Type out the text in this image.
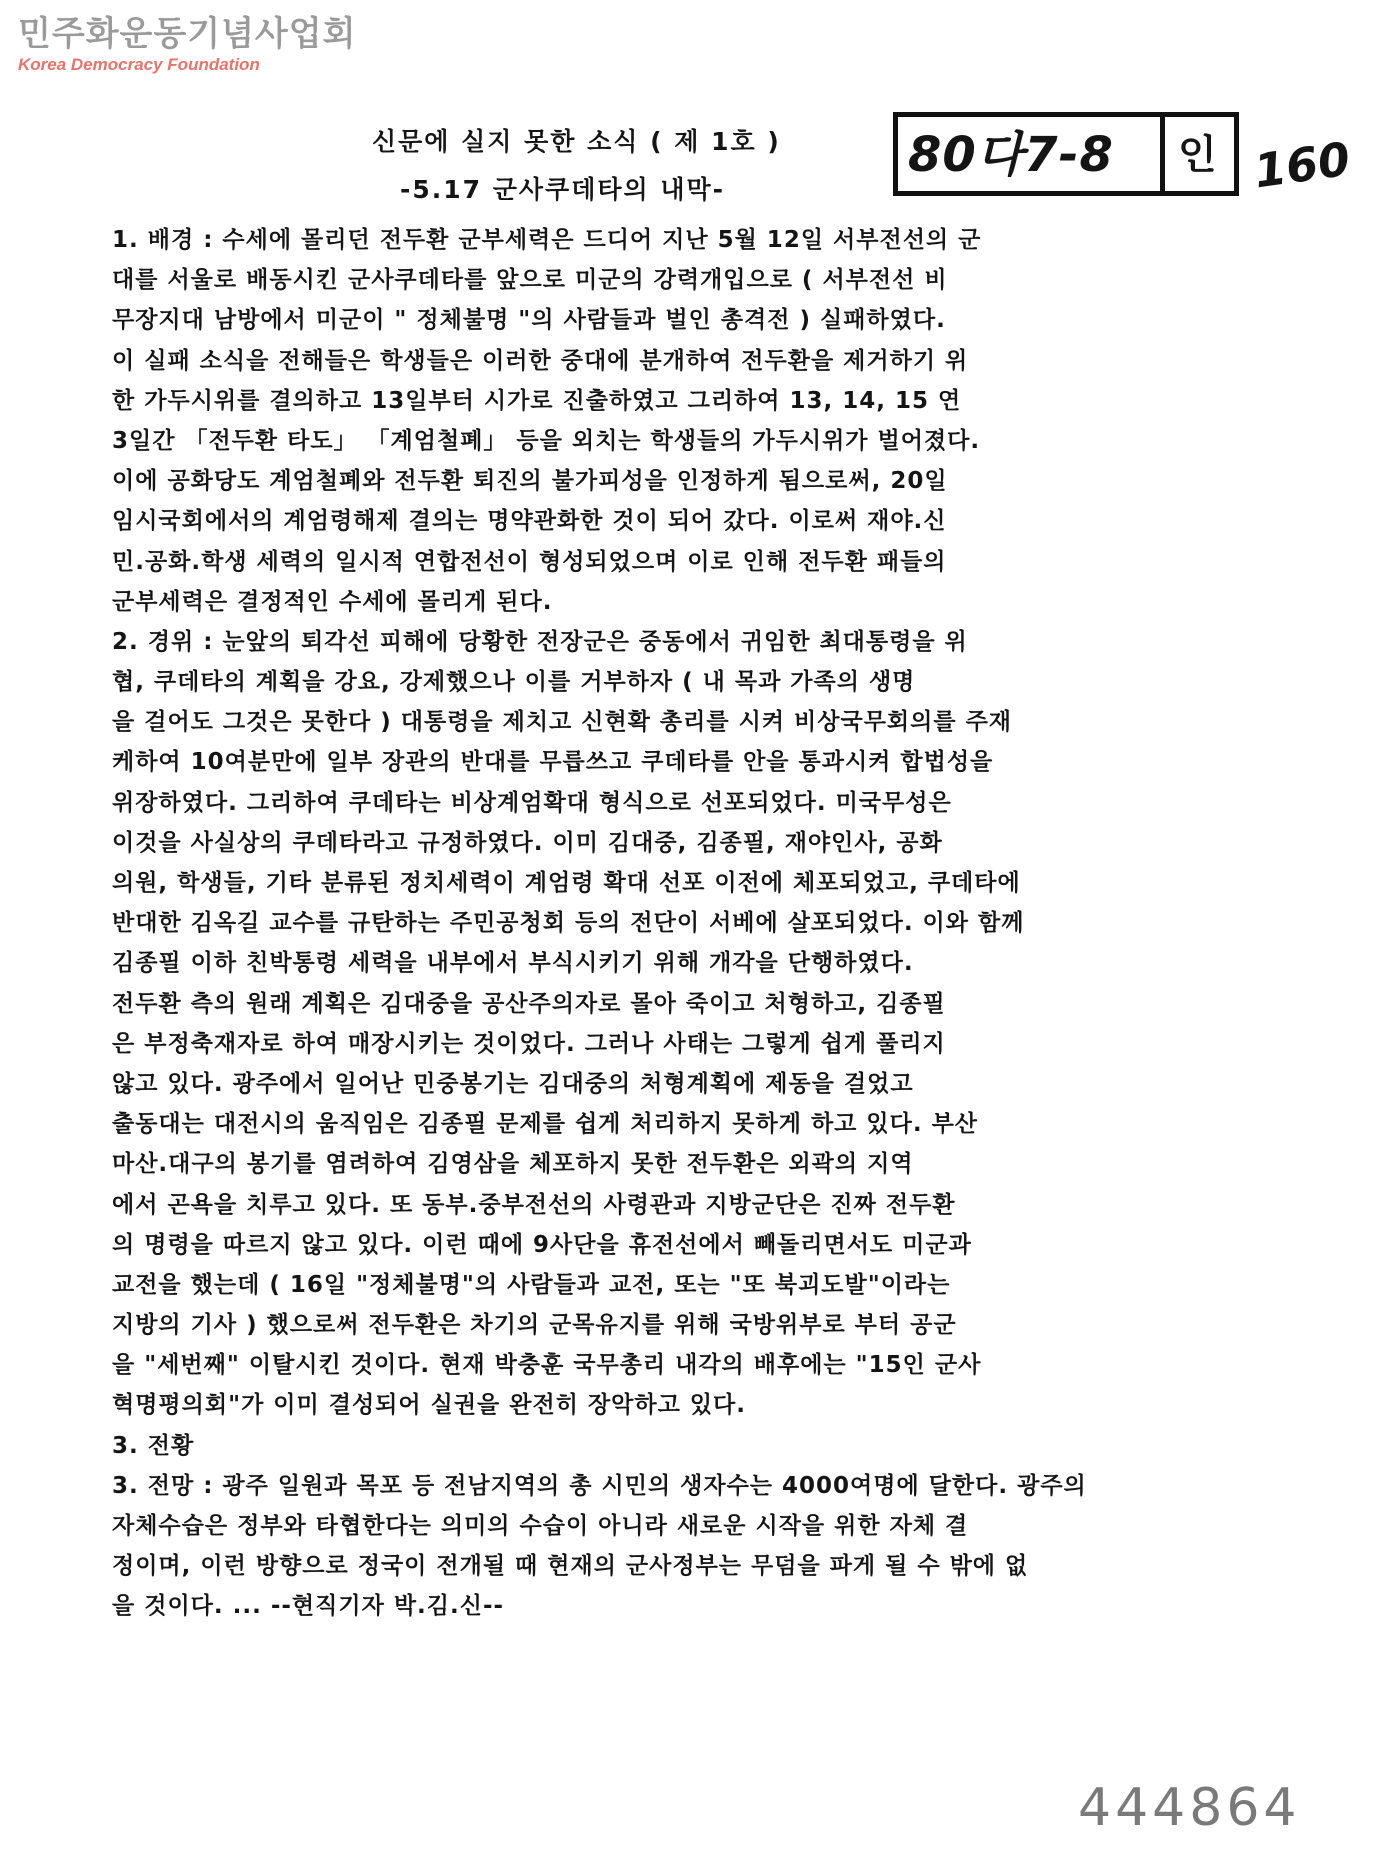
민주화운동기념사업회
Korea Democracy Foundation
신문에 실지 못한 소식 ( 제 1호 )
-5.17 군사쿠데타의 내막-
80다7-8 인 160
1. 배경 : 수세에 몰리던 전두환 군부세력은 드디어 지난 5월 12일 서부전선의 군
대를 서울로 배동시킨 군사쿠데타를 앞으로 미군의 강력개입으로 ( 서부전선 비
무장지대 남방에서 미군이 " 정체불명 "의 사람들과 벌인 총격전 ) 실패하였다.
이 실패 소식을 전해들은 학생들은 이러한 중대에 분개하여 전두환을 제거하기 위
한 가두시위를 결의하고 13일부터 시가로 진출하였고 그리하여 13, 14, 15 연
3일간 「전두환 타도」 「계엄철폐」 등을 외치는 학생들의 가두시위가 벌어졌다.
이에 공화당도 계엄철폐와 전두환 퇴진의 불가피성을 인정하게 됨으로써, 20일
임시국회에서의 계엄령해제 결의는 명약관화한 것이 되어 갔다. 이로써 재야.신
민.공화.학생 세력의 일시적 연합전선이 형성되었으며 이로 인해 전두환 패들의
군부세력은 결정적인 수세에 몰리게 된다.
2. 경위 : 눈앞의 퇴각선 피해에 당황한 전장군은 중동에서 귀임한 최대통령을 위
협, 쿠데타의 계획을 강요, 강제했으나 이를 거부하자 ( 내 목과 가족의 생명
을 걸어도 그것은 못한다 ) 대통령을 제치고 신현확 총리를 시켜 비상국무회의를 주재
케하여 10여분만에 일부 장관의 반대를 무릅쓰고 쿠데타를 안을 통과시켜 합법성을
위장하였다. 그리하여 쿠데타는 비상계엄확대 형식으로 선포되었다. 미국무성은
이것을 사실상의 쿠데타라고 규정하였다. 이미 김대중, 김종필, 재야인사, 공화
의원, 학생들, 기타 분류된 정치세력이 계엄령 확대 선포 이전에 체포되었고, 쿠데타에
반대한 김옥길 교수를 규탄하는 주민공청회 등의 전단이 서베에 살포되었다. 이와 함께
김종필 이하 친박통령 세력을 내부에서 부식시키기 위해 개각을 단행하였다.
전두환 측의 원래 계획은 김대중을 공산주의자로 몰아 죽이고 처형하고, 김종필
은 부정축재자로 하여 매장시키는 것이었다. 그러나 사태는 그렇게 쉽게 풀리지
않고 있다. 광주에서 일어난 민중봉기는 김대중의 처형계획에 제동을 걸었고
출동대는 대전시의 움직임은 김종필 문제를 쉽게 처리하지 못하게 하고 있다. 부산
마산.대구의 봉기를 염려하여 김영삼을 체포하지 못한 전두환은 외곽의 지역
에서 곤욕을 치루고 있다. 또 동부.중부전선의 사령관과 지방군단은 진짜 전두환
의 명령을 따르지 않고 있다. 이런 때에 9사단을 휴전선에서 빼돌리면서도 미군과
교전을 했는데 ( 16일 "정체불명"의 사람들과 교전, 또는 "또 북괴도발"이라는
지방의 기사 ) 했으로써 전두환은 차기의 군목유지를 위해 국방위부로 부터 공군
을 "세번째" 이탈시킨 것이다. 현재 박충훈 국무총리 내각의 배후에는 "15인 군사
혁명평의회"가 이미 결성되어 실권을 완전히 장악하고 있다.
3. 전황
3. 전망 : 광주 일원과 목포 등 전남지역의 총 시민의 생자수는 4000여명에 달한다. 광주의
자체수습은 정부와 타협한다는 의미의 수습이 아니라 새로운 시작을 위한 자체 결
정이며, 이런 방향으로 정국이 전개될 때 현재의 군사정부는 무덤을 파게 될 수 밖에 없
을 것이다. ... --현직기자 박.김.신--
444864
